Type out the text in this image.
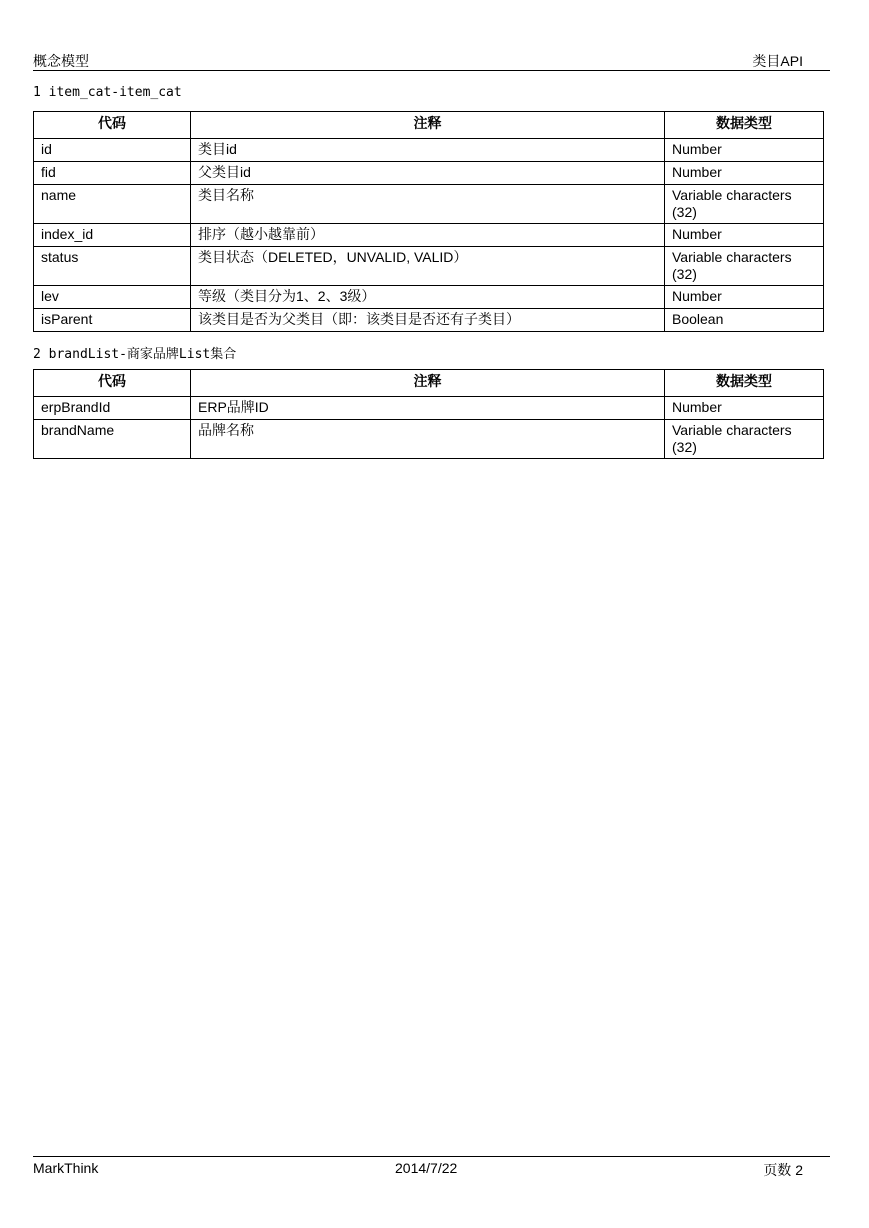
概念模型	类目API
1 item_cat-item_cat
代码	注释	数据类型
id	类目id	Number
fid	父类目id	Number
name	类目名称	Variable characters (32)
index_id	排序（越小越靠前）	Number
status	类目状态（DELETED，UNVALID, VALID）	Variable characters (32)
lev	等级（类目分为1、2、3级）	Number
isParent	该类目是否为父类目（即：该类目是否还有子类目）	Boolean
2 brandList-商家品牌List集合
代码	注释	数据类型
erpBrandId	ERP品牌ID	Number
brandName	品牌名称	Variable characters (32)
MarkThink	2014/7/22	页数 2
